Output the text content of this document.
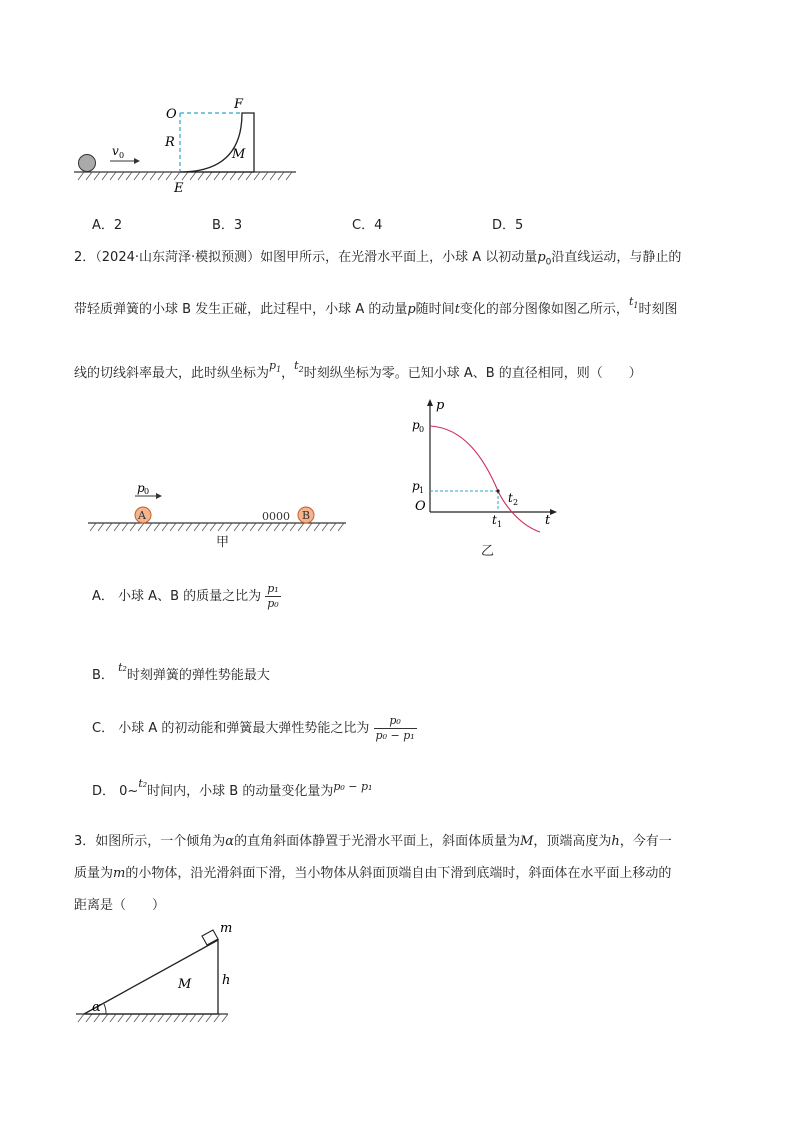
O
F
R
M
E
v 0
A．2	B．3	C．4	D．5
2．（2024·山东菏泽·模拟预测）如图甲所示，在光滑水平面上，小球 A 以初动量$p_0$沿直线运动，与静止的
带轻质弹簧的小球 B 发生正碰，此过程中，小球 A 的动量p随时间t变化的部分图像如图乙所示，$^{t_1}$时刻图
线的切线斜率最大，此时纵坐标为$^{p_1}$，$^{t_2}$时刻纵坐标为零。已知小球 A、B 的直径相同，则（　　）
A
p 0
0000 B
甲
p
t
O
p 0
p 1
t 1
t 2
乙
A． 小球 A、B 的质量之比为 $\frac{\text{p₁}}{\text{p₀}}$
B． $^{t_2}$时刻弹簧的弹性势能最大
C． 小球 A 的初动能和弹簧最大弹性势能之比为 $\frac{\text{p₀}}{\text{p₀ − p₁}}$
D． 0~$^{t_2}$时间内，小球 B 的动量变化量为$^{p_0 - p_1}$
3．如图所示，一个倾角为α的直角斜面体静置于光滑水平面上，斜面体质量为M，顶端高度为h，今有一
质量为m的小物体，沿光滑斜面下滑，当小物体从斜面顶端自由下滑到底端时，斜面体在水平面上移动的
距离是（　　）
α
M h
m
